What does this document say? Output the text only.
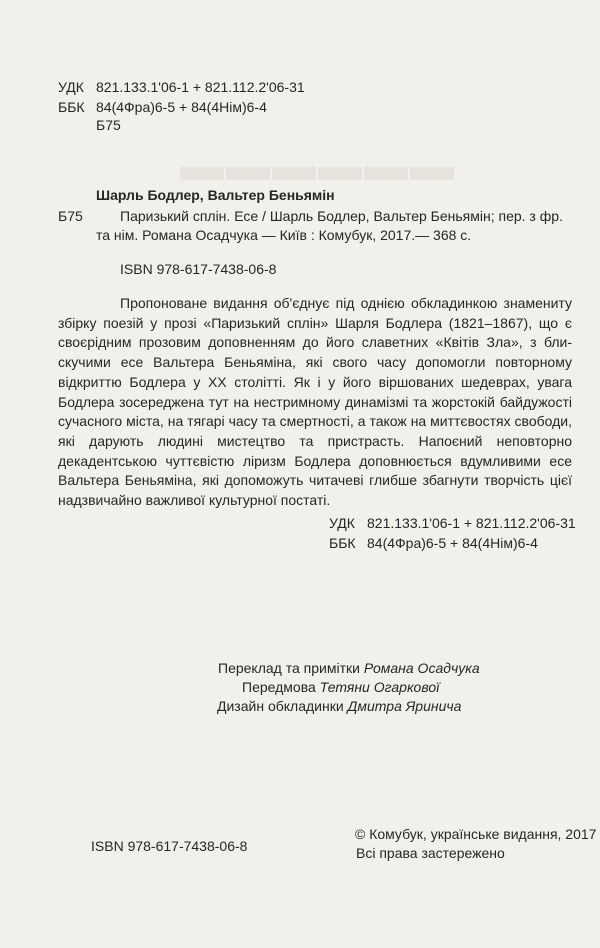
▬▬▬▬▬▬
УДК 821.133.1'06-1 + 821.112.2'06-31
ББК 84(4Фра)6-5 + 84(4Нім)6-4
Б75
Шарль Бодлер, Вальтер Беньямін
Б75	Паризький сплін. Есе / Шарль Бодлер, Вальтер Беньямін; пер. з фр.
та нім. Романа Осадчука — Київ : Комубук, 2017.— 368 с.
ISBN 978-617-7438-06-8
Пропоноване видання об'єднує під однією обкладинкою знамениту збірку поезій у прозі «Паризький сплін» Шарля Бодлера (1821–1867), що є своєрідним прозовим доповненням до його славетних «Квітів Зла», з блискучими есе Вальтера Беньяміна, які свого часу допомогли повторному відкриттю Бодлера у ХХ столітті. Як і у його віршованих шедеврах, увага Бодлера зосереджена тут на нестримному динамізмі та жорстокій байдужості сучасного міста, на тягарі часу та смертності, а також на миттєвостях свободи, які дарують людині мистецтво та пристрасть. Напоєний неповторно декадентською чуттєвістю ліризм Бодлера доповнюється вдумливими есе Вальтера Беньяміна, які допоможуть читачеві глибше збагнути творчість цієї надзвичайно важливої культурної постаті.
УДК 821.133.1'06-1 + 821.112.2'06-31
ББК 84(4Фра)6-5 + 84(4Нім)6-4
Переклад та примітки Романа Осадчука
Передмова Тетяни Огаркової
Дизайн обкладинки Дмитра Яринича
ISBN 978-617-7438-06-8
© Комубук, українське видання, 2017
Всі права застережено
